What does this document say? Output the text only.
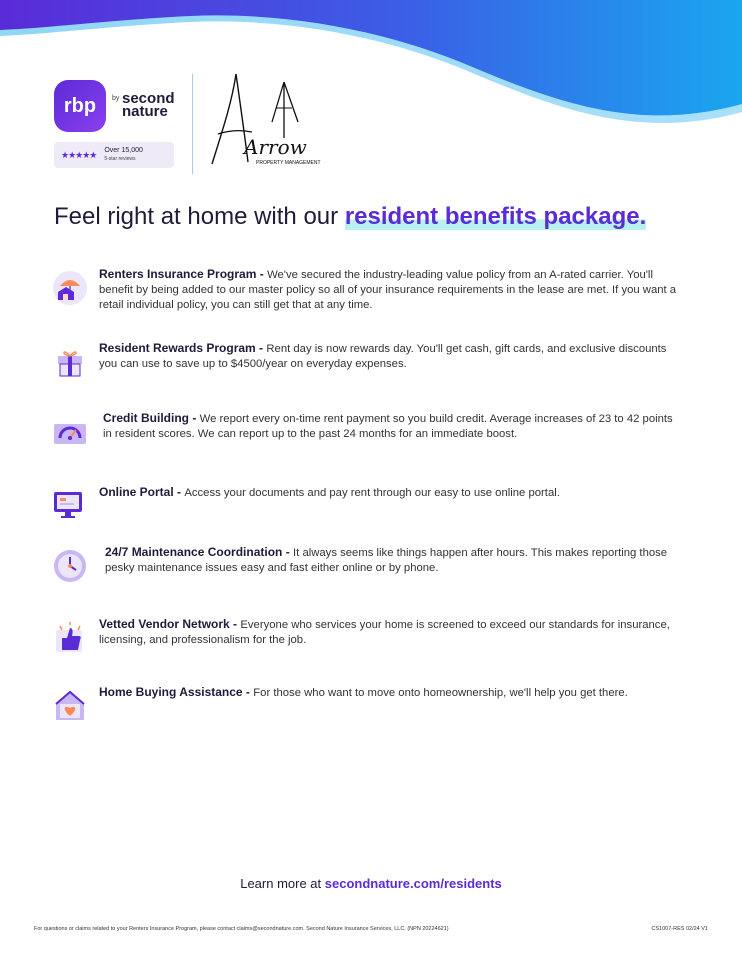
rbp by second
nature
★★★★★ Over 15,000
5-star reviews	Arrow
PROPERTY MANAGEMENT
Feel right at home with our resident benefits package.
Renters Insurance Program - We've secured the industry-leading value policy from an A-rated carrier. You'll benefit by being added to our master policy so all of your insurance requirements in the lease are met. If you want a retail individual policy, you can still get that at any time.
Resident Rewards Program - Rent day is now rewards day. You'll get cash, gift cards, and exclusive discounts you can use to save up to $4500/year on everyday expenses.
Credit Building - We report every on-time rent payment so you build credit. Average increases of 23 to 42 points in resident scores. We can report up to the past 24 months for an immediate boost.
Online Portal - Access your documents and pay rent through our easy to use online portal.
24/7 Maintenance Coordination - It always seems like things happen after hours. This makes reporting those pesky maintenance issues easy and fast either online or by phone.
Vetted Vendor Network - Everyone who services your home is screened to exceed our standards for insurance, licensing, and professionalism for the job.
Home Buying Assistance - For those who want to move onto homeownership, we'll help you get there.
Learn more at secondnature.com/residents
For questions or claims related to your Renters Insurance Program, please contact claims@secondnature.com. Second Nature Insurance Services, LLC. (NPN 20224621)	CS1007-RES 02/24 V1
